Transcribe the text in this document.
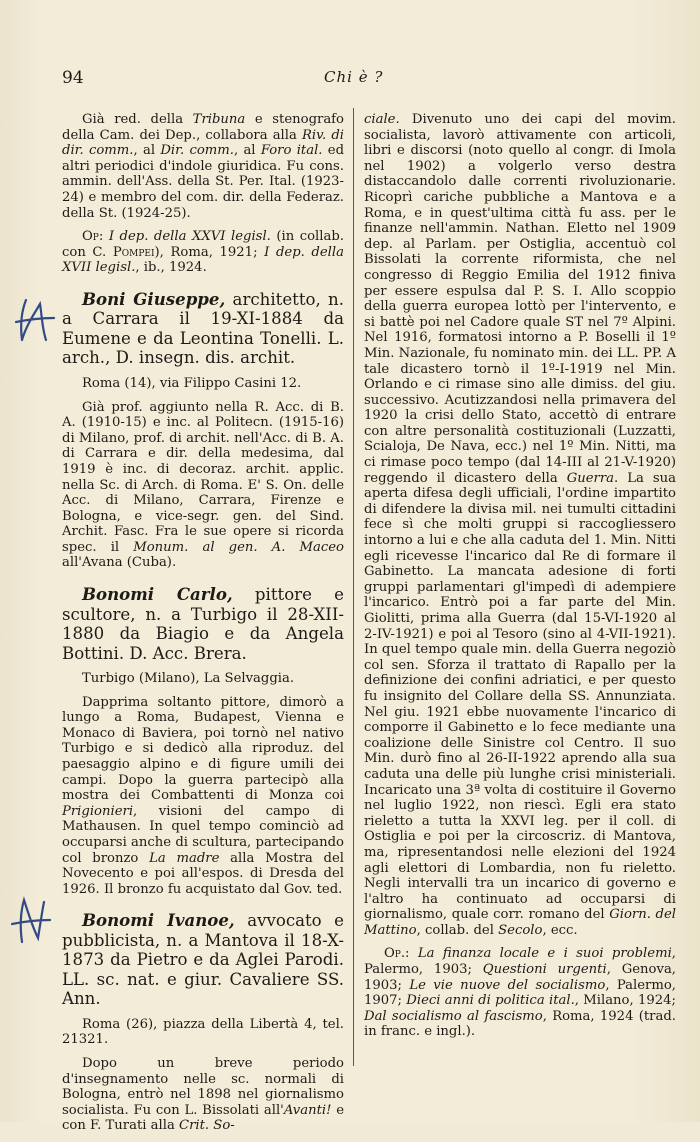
94	Chi è ?

Già red. della Tribuna e stenografo della Cam. dei Dep., collabora alla Riv. di dir. comm., al Dir. comm., al Foro ital. ed altri periodici d'indole giuridica. Fu cons. ammin. dell'Ass. della St. Per. Ital. (1923-24) e membro del com. dir. della Federaz. della St. (1924-25).

Op: I dep. della XXVI legisl. (in collab. con C. Pompei), Roma, 1921; I dep. della XVII legisl., ib., 1924.

Boni Giuseppe, architetto, n. a Carrara il 19-XI-1884 da Eumene e da Leontina Tonelli. L. arch., D. insegn. dis. archit.

Roma (14), via Filippo Casini 12.

Già prof. aggiunto nella R. Acc. di B. A. (1910-15) e inc. al Politecn. (1915-16) di Milano, prof. di archit. nell'Acc. di B. A. di Carrara e dir. della medesima, dal 1919 è inc. di decoraz. archit. applic. nella Sc. di Arch. di Roma. E' S. On. delle Acc. di Milano, Carrara, Firenze e Bologna, e vice-segr. gen. del Sind. Archit. Fasc. Fra le sue opere si ricorda spec. il Monum. al gen. A. Maceo all'Avana (Cuba).

Bonomi Carlo, pittore e scultore, n. a Turbigo il 28-XII-1880 da Biagio e da Angela Bottini. D. Acc. Brera.

Turbigo (Milano), La Selvaggia.

Dapprima soltanto pittore, dimorò a lungo a Roma, Budapest, Vienna e Monaco di Baviera, poi tornò nel nativo Turbigo e si dedicò alla riproduz. del paesaggio alpino e di figure umili dei campi. Dopo la guerra partecipò alla mostra dei Combattenti di Monza coi Prigionieri, visioni del campo di Mathausen. In quel tempo cominciò ad occuparsi anche di scultura, partecipando col bronzo La madre alla Mostra del Novecento e poi all'espos. di Dresda del 1926. Il bronzo fu acquistato dal Gov. ted.

Bonomi Ivanoe, avvocato e pubblicista, n. a Mantova il 18-X-1873 da Pietro e da Aglei Parodi. LL. sc. nat. e giur. Cavaliere SS. Ann.

Roma (26), piazza della Libertà 4, tel. 21321.

Dopo un breve periodo d'insegnamento nelle sc. normali di Bologna, entrò nel 1898 nel giornalismo socialista. Fu con L. Bissolati all'Avanti! e con F. Turati alla Crit. So-

ciale. Divenuto uno dei capi del movim. socialista, lavorò attivamente con articoli, libri e discorsi (noto quello al congr. di Imola nel 1902) a volgerlo verso destra distaccandolo dalle correnti rivoluzionarie. Ricoprì cariche pubbliche a Mantova e a Roma, e in quest'ultima città fu ass. per le finanze nell'ammin. Nathan. Eletto nel 1909 dep. al Parlam. per Ostiglia, accentuò col Bissolati la corrente riformista, che nel congresso di Reggio Emilia del 1912 finiva per essere espulsa dal P. S. I. Allo scoppio della guerra europea lottò per l'intervento, e si battè poi nel Cadore quale ST nel 7º Alpini. Nel 1916, formatosi intorno a P. Boselli il 1º Min. Nazionale, fu nominato min. dei LL. PP. A tale dicastero tornò il 1º-I-1919 nel Min. Orlando e ci rimase sino alle dimiss. del giu. successivo. Acutizzandosi nella primavera del 1920 la crisi dello Stato, accettò di entrare con altre personalità costituzionali (Luzzatti, Scialoja, De Nava, ecc.) nel 1º Min. Nitti, ma ci rimase poco tempo (dal 14-III al 21-V-1920) reggendo il dicastero della Guerra. La sua aperta difesa degli ufficiali, l'ordine impartito di difendere la divisa mil. nei tumulti cittadini fece sì che molti gruppi si raccogliessero intorno a lui e che alla caduta del 1. Min. Nitti egli ricevesse l'incarico dal Re di formare il Gabinetto. La mancata adesione di forti gruppi parlamentari gl'impedì di adempiere l'incarico. Entrò poi a far parte del Min. Giolitti, prima alla Guerra (dal 15-VI-1920 al 2-IV-1921) e poi al Tesoro (sino al 4-VII-1921). In quel tempo quale min. della Guerra negoziò col sen. Sforza il trattato di Rapallo per la definizione dei confini adriatici, e per questo fu insignito del Collare della SS. Annunziata. Nel giu. 1921 ebbe nuovamente l'incarico di comporre il Gabinetto e lo fece mediante una coalizione delle Sinistre col Centro. Il suo Min. durò fino al 26-II-1922 aprendo alla sua caduta una delle più lunghe crisi ministeriali. Incaricato una 3ª volta di costituire il Governo nel luglio 1922, non riescì. Egli era stato rieletto a tutta la XXVI leg. per il coll. di Ostiglia e poi per la circoscriz. di Mantova, ma, ripresentandosi nelle elezioni del 1924 agli elettori di Lombardia, non fu rieletto. Negli intervalli tra un incarico di governo e l'altro ha continuato ad occuparsi di giornalismo, quale corr. romano del Giorn. del Mattino, collab. del Secolo, ecc.

Op.: La finanza locale e i suoi problemi, Palermo, 1903; Questioni urgenti, Genova, 1903; Le vie nuove del socialismo, Palermo, 1907; Dieci anni di politica ital., Milano, 1924; Dal socialismo al fascismo, Roma, 1924 (trad. in franc. e ingl.).
